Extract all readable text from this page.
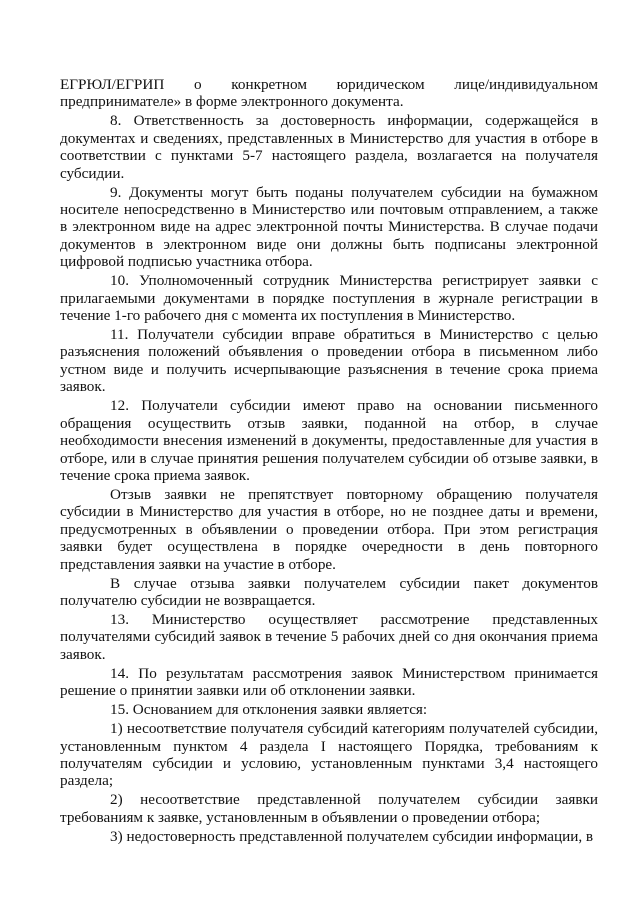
ЕГРЮЛ/ЕГРИП о конкретном юридическом лице/индивидуальном предпринимателе» в форме электронного документа.

8. Ответственность за достоверность информации, содержащейся в документах и сведениях, представленных в Министерство для участия в отборе в соответствии с пунктами 5-7 настоящего раздела, возлагается на получателя субсидии.

9. Документы могут быть поданы получателем субсидии на бумажном носителе непосредственно в Министерство или почтовым отправлением, а также в электронном виде на адрес электронной почты Министерства. В случае подачи документов в электронном виде они должны быть подписаны электронной цифровой подписью участника отбора.

10. Уполномоченный сотрудник Министерства регистрирует заявки с прилагаемыми документами в порядке поступления в журнале регистрации в течение 1-го рабочего дня с момента их поступления в Министерство.

11. Получатели субсидии вправе обратиться в Министерство с целью разъяснения положений объявления о проведении отбора в письменном либо устном виде и получить исчерпывающие разъяснения в течение срока приема заявок.

12. Получатели субсидии имеют право на основании письменного обращения осуществить отзыв заявки, поданной на отбор, в случае необходимости внесения изменений в документы, предоставленные для участия в отборе, или в случае принятия решения получателем субсидии об отзыве заявки, в течение срока приема заявок.

Отзыв заявки не препятствует повторному обращению получателя субсидии в Министерство для участия в отборе, но не позднее даты и времени, предусмотренных в объявлении о проведении отбора. При этом регистрация заявки будет осуществлена в порядке очередности в день повторного представления заявки на участие в отборе.

В случае отзыва заявки получателем субсидии пакет документов получателю субсидии не возвращается.

13. Министерство осуществляет рассмотрение представленных получателями субсидий заявок в течение 5 рабочих дней со дня окончания приема заявок.

14. По результатам рассмотрения заявок Министерством принимается решение о принятии заявки или об отклонении заявки.

15. Основанием для отклонения заявки является:

1) несоответствие получателя субсидий категориям получателей субсидии, установленным пунктом 4 раздела I настоящего Порядка, требованиям к получателям субсидии и условию, установленным пунктами 3,4 настоящего раздела;

2) несоответствие представленной получателем субсидии заявки требованиям к заявке, установленным в объявлении о проведении отбора;

3) недостоверность представленной получателем субсидии информации, в
